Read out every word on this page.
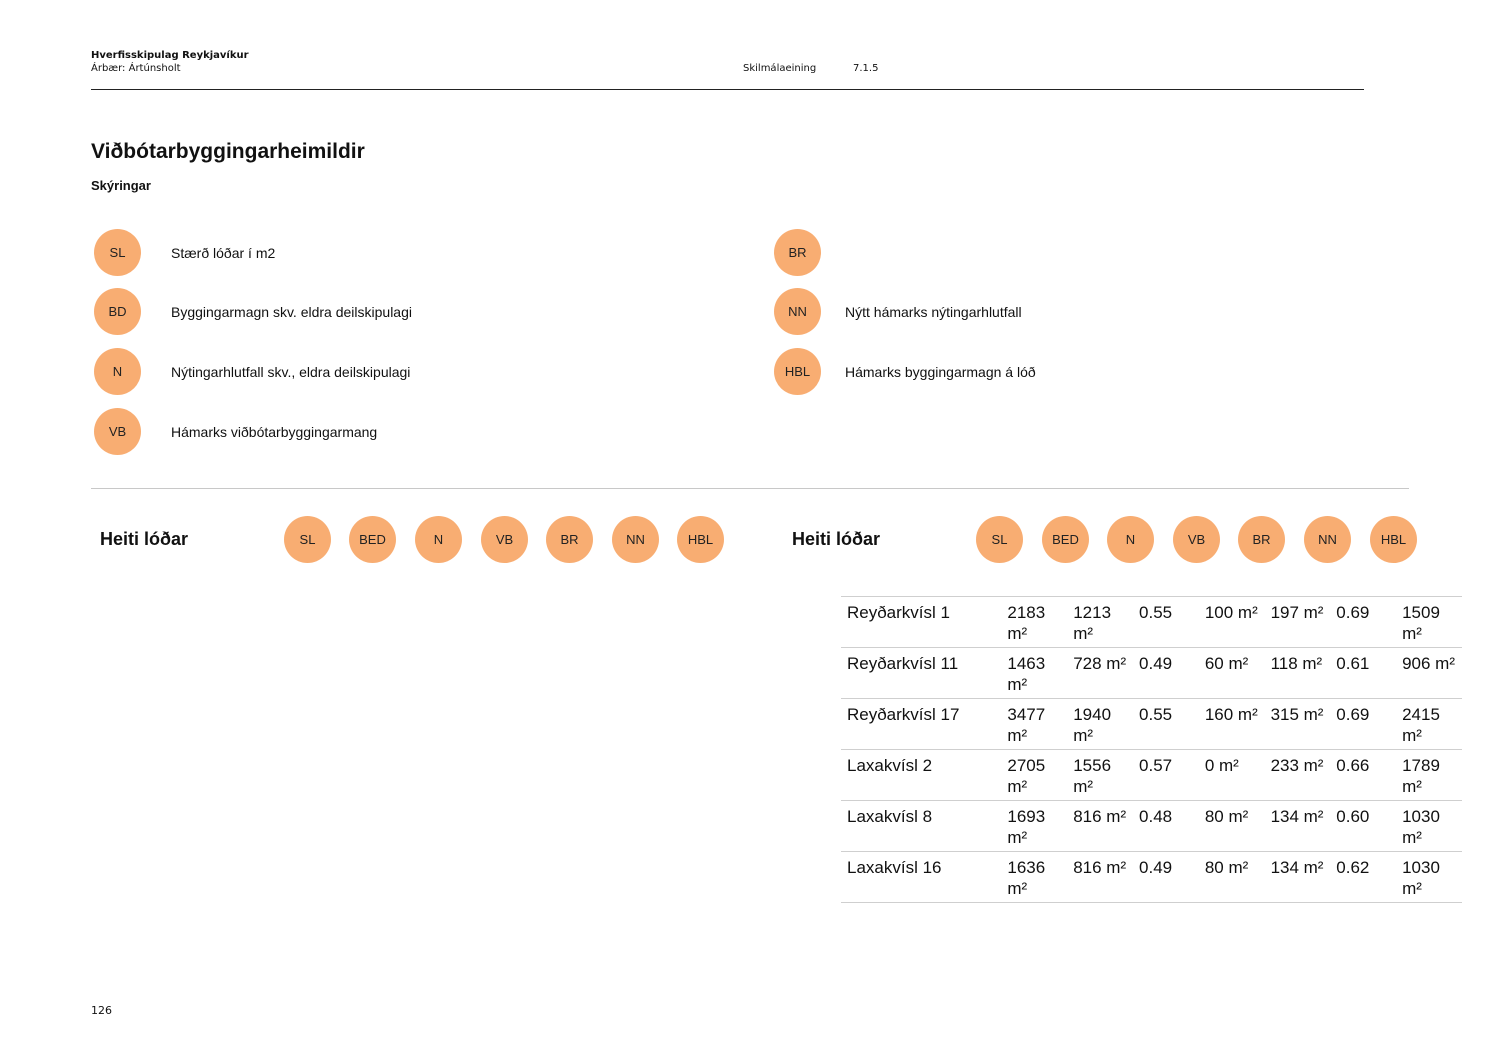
Hverfisskipulag Reykjavíkur
Árbær: Ártúnsholt	Skilmálaeining	7.1.5
Viðbótarbyggingarheimildir
Skýringar
SL	Stærð lóðar í m2
BD	Byggingarmagn skv. eldra deilskipulagi
N	Nýtingarhlutfall skv., eldra deilskipulagi
VB	Hámarks viðbótarbyggingarmang
BR
NN	Nýtt hámarks nýtingarhlutfall
HBL	Hámarks byggingarmagn á lóð
Heiti lóðar	SL	BED	N	VB	BR	NN	HBL	Heiti lóðar	SL	BED	N	VB	BR	NN	HBL
Reyðarkvísl 1	2183 m²	1213 m²	0.55	100 m²	197 m²	0.69	1509 m²
Reyðarkvísl 11	1463 m²	728 m²	0.49	60 m²	118 m²	0.61	906 m²
Reyðarkvísl 17	3477 m²	1940 m²	0.55	160 m²	315 m²	0.69	2415 m²
Laxakvísl 2	2705 m²	1556 m²	0.57	0 m²	233 m²	0.66	1789 m²
Laxakvísl 8	1693 m²	816 m²	0.48	80 m²	134 m²	0.60	1030 m²
Laxakvísl 16	1636 m²	816 m²	0.49	80 m²	134 m²	0.62	1030 m²
126
